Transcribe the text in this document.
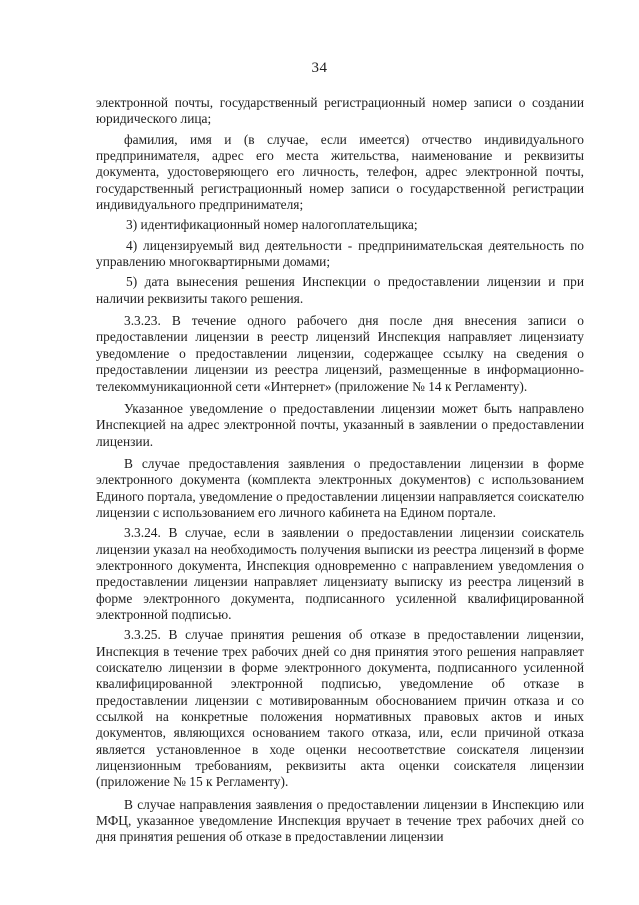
34

электронной почты, государственный регистрационный номер записи о создании юридического лица;

фамилия, имя и (в случае, если имеется) отчество индивидуального предпринимателя, адрес его места жительства, наименование и реквизиты документа, удостоверяющего его личность, телефон, адрес электронной почты, государственный регистрационный номер записи о государственной регистрации индивидуального предпринимателя;

3) идентификационный номер налогоплательщика;

4) лицензируемый вид деятельности - предпринимательская деятельность по управлению многоквартирными домами;

5) дата вынесения решения Инспекции о предоставлении лицензии и при наличии реквизиты такого решения.

3.3.23. В течение одного рабочего дня после дня внесения записи о предоставлении лицензии в реестр лицензий Инспекция направляет лицензиату уведомление о предоставлении лицензии, содержащее ссылку на сведения о предоставлении лицензии из реестра лицензий, размещенные в информационно-телекоммуникационной сети «Интернет» (приложение № 14 к Регламенту).

Указанное уведомление о предоставлении лицензии может быть направлено Инспекцией на адрес электронной почты, указанный в заявлении о предоставлении лицензии.

В случае предоставления заявления о предоставлении лицензии в форме электронного документа (комплекта электронных документов) с использованием Единого портала, уведомление о предоставлении лицензии направляется соискателю лицензии с использованием его личного кабинета на Едином портале.

3.3.24. В случае, если в заявлении о предоставлении лицензии соискатель лицензии указал на необходимость получения выписки из реестра лицензий в форме электронного документа, Инспекция одновременно с направлением уведомления о предоставлении лицензии направляет лицензиату выписку из реестра лицензий в форме электронного документа, подписанного усиленной квалифицированной электронной подписью.

3.3.25. В случае принятия решения об отказе в предоставлении лицензии, Инспекция в течение трех рабочих дней со дня принятия этого решения направляет соискателю лицензии в форме электронного документа, подписанного усиленной квалифицированной электронной подписью, уведомление об отказе в предоставлении лицензии с мотивированным обоснованием причин отказа и со ссылкой на конкретные положения нормативных правовых актов и иных документов, являющихся основанием такого отказа, или, если причиной отказа является установленное в ходе оценки несоответствие соискателя лицензии лицензионным требованиям, реквизиты акта оценки соискателя лицензии (приложение № 15 к Регламенту).

В случае направления заявления о предоставлении лицензии в Инспекцию или МФЦ, указанное уведомление Инспекция вручает в течение трех рабочих дней со дня принятия решения об отказе в предоставлении лицензии
